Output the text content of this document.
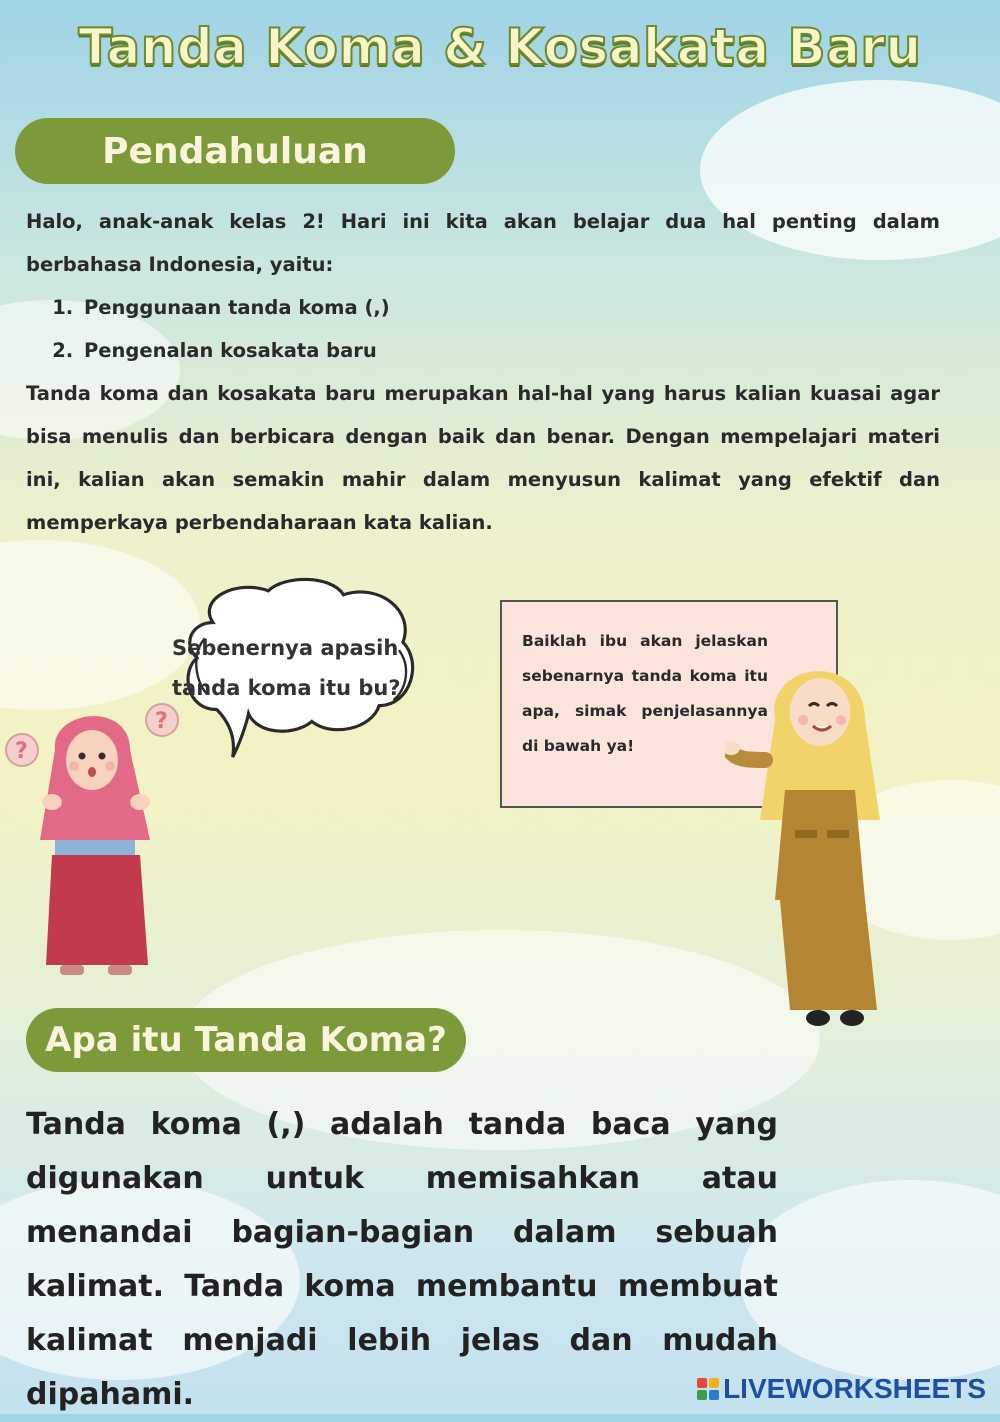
Tanda Koma & Kosakata Baru
Pendahuluan

Halo, anak-anak kelas 2! Hari ini kita akan belajar dua hal penting dalam berbahasa Indonesia, yaitu:

1. Penggunaan tanda koma (,)
2. Pengenalan kosakata baru

Tanda koma dan kosakata baru merupakan hal-hal yang harus kalian kuasai agar bisa menulis dan berbicara dengan baik dan benar. Dengan mempelajari materi ini, kalian akan semakin mahir dalam menyusun kalimat yang efektif dan memperkaya perbendaharaan kata kalian.

Sebenernya apasih tanda koma itu bu?
?
?
Baiklah ibu akan jelaskan sebenarnya tanda koma itu apa, simak penjelasannya di bawah ya!
Apa itu Tanda Koma?
Tanda koma (,) adalah tanda baca yang digunakan untuk memisahkan atau menandai bagian-bagian dalam sebuah kalimat. Tanda koma membantu membuat kalimat menjadi lebih jelas dan mudah dipahami.	LIVEWORKSHEETS
